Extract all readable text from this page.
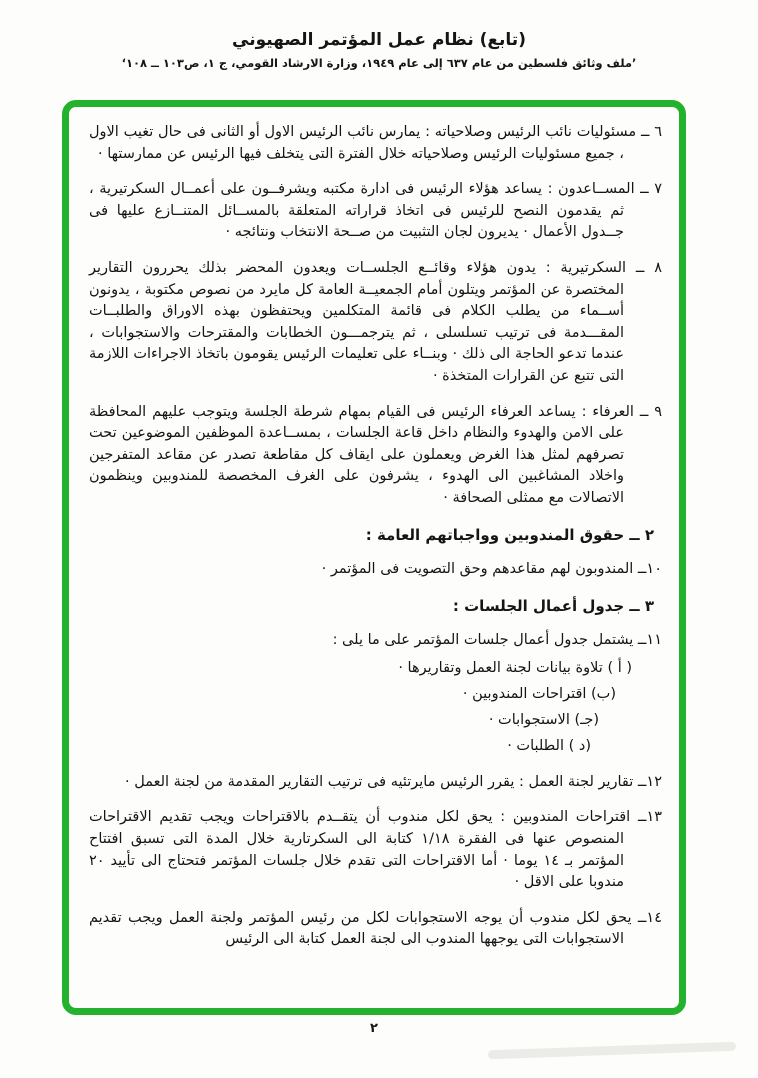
(تابع) نظام عمل المؤتمر الصهيوني
’ملف وثائق فلسطين من عام ٦٣٧ إلى عام ١٩٤٩، وزارة الارشاد القومي، ج ١، ص١٠٣ ــ ١٠٨‘

٦ ــ مسئوليات نائب الرئيس وصلاحياته : يمارس نائب الرئيس الاول أو الثانى فى حال تغيب الاول ، جميع مسئوليات الرئيس وصلاحياته خلال الفترة التى يتخلف فيها الرئيس عن ممارستها ·

٧ ــ المســاعدون : يساعد هؤلاء الرئيس فى ادارة مكتبه ويشرفــون على أعمــال السكرتيرية ، ثم يقدمون النصح للرئيس فى اتخاذ قراراته المتعلقة بالمســائل المتنــازع عليها فى جــدول الأعمال · يديرون لجان التثبيت من صــحة الانتخاب ونتائجه ·

٨ ــ السكرتيرية : يدون هؤلاء وقائــع الجلســات ويعدون المحضر بذلك يحررون التقارير المختصرة عن المؤتمر ويتلون أمام الجمعيــة العامة كل مايرد من نصوص مكتوبة ، يدونون أســماء من يطلب الكلام فى قائمة المتكلمين ويحتفظون بهذه الاوراق والطلبــات المقـــدمة فى ترتيب تسلسلى ، ثم يترجمـــون الخطابات والمقترحات والاستجوابات ، عندما تدعو الحاجة الى ذلك · وبنــاء على تعليمات الرئيس يقومون باتخاذ الاجراءات اللازمة التى تتبع عن القرارات المتخذة ·

٩ ــ العرفاء : يساعد العرفاء الرئيس فى القيام بمهام شرطة الجلسة ويتوجب عليهم المحافظة على الامن والهدوء والنظام داخل قاعة الجلسات ، بمســاعدة الموظفين الموضوعين تحت تصرفهم لمثل هذا الغرض ويعملون على ايقاف كل مقاطعة تصدر عن مقاعد المتفرجين واخلاد المشاغبين الى الهدوء ، يشرفون على الغرف المخصصة للمندوبين وينظمون الاتصالات مع ممثلى الصحافة ·

٢ ــ حقوق المندوبين وواجباتهم العامة :

١٠ــ المندوبون لهم مقاعدهم وحق التصويت فى المؤتمر ·

٣ ــ جدول أعمال الجلسات :

١١ــ يشتمل جدول أعمال جلسات المؤتمر على ما يلى :

( أ ) تلاوة بيانات لجنة العمل وتقاريرها ·
(ب) اقتراحات المندوبين ·
(جـ) الاستجوابات ·
(د ) الطلبات ·

١٢ــ تقارير لجنة العمل : يقرر الرئيس مايرتئيه فى ترتيب التقارير المقدمة من لجنة العمل ·

١٣ــ اقتراحات المندوبين : يحق لكل مندوب أن يتقــدم بالاقتراحات ويجب تقديم الاقتراحات المنصوص عنها فى الفقرة ١/١٨ كتابة الى السكرتارية خلال المدة التى تسبق افتتاح المؤتمر بـ ١٤ يوما · أما الاقتراحات التى تقدم خلال جلسات المؤتمر فتحتاج الى تأييد ٢٠ مندوبا على الاقل ·

١٤ــ يحق لكل مندوب أن يوجه الاستجوابات لكل من رئيس المؤتمر ولجنة العمل ويجب تقديم الاستجوابات التى يوجهها المندوب الى لجنة العمل كتابة الى الرئيس

٢
